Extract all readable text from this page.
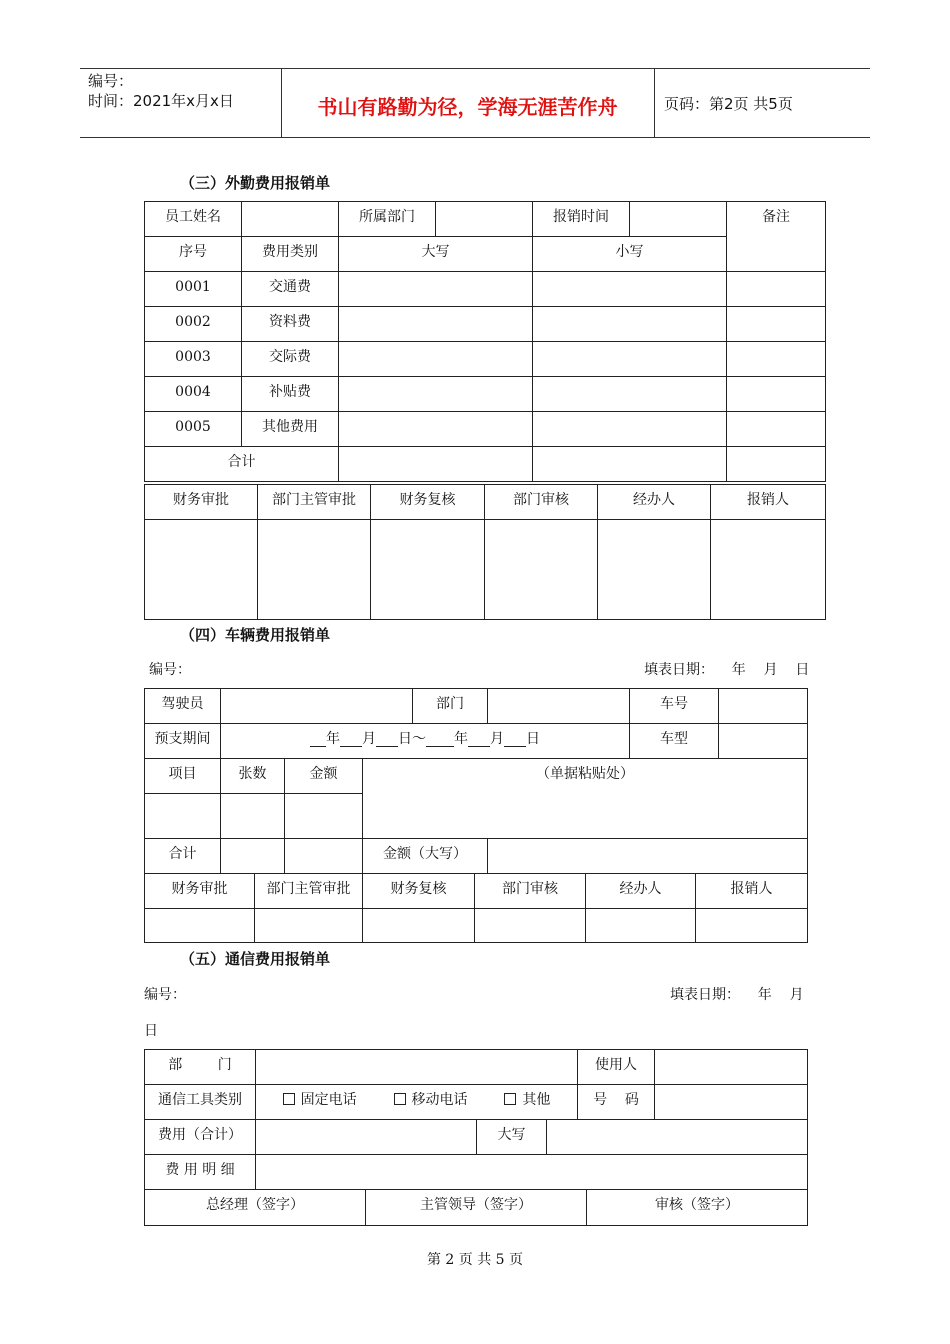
编号：
时间：2021年x月x日	书山有路勤为径，学海无涯苦作舟	页码：第2页 共5页
（三）外勤费用报销单
员工姓名		所属部门		报销时间		备注
序号	费用类别	大写		小写		
0001	交通费					
0002	资料费					
0003	交际费					
0004	补贴费					
0005	其他费用					
合计						
财务审批	部门主管审批	财务复核	部门审核	经办人	报销人

（四）车辆费用报销单
编号：	填表日期：    年    月    日
驾驶员				部门		车号	
预支期间	年 月 日～ 年 月 日					车型	
项目	张数	金额	（单据粘贴处）				

合计			金额（大写）				
财务审批	部门主管审批	财务复核	部门审核	经办人	报销人

（五）通信费用报销单
编号：	填表日期：    年    月
日
部        门				使用人	
通信工具类别	固定电话 移动电话 其他			号    码	
费用（合计）		大写			
费 用 明 细					
总经理（签字）	主管领导（签字）	审核（签字）
第 2 页 共 5 页
